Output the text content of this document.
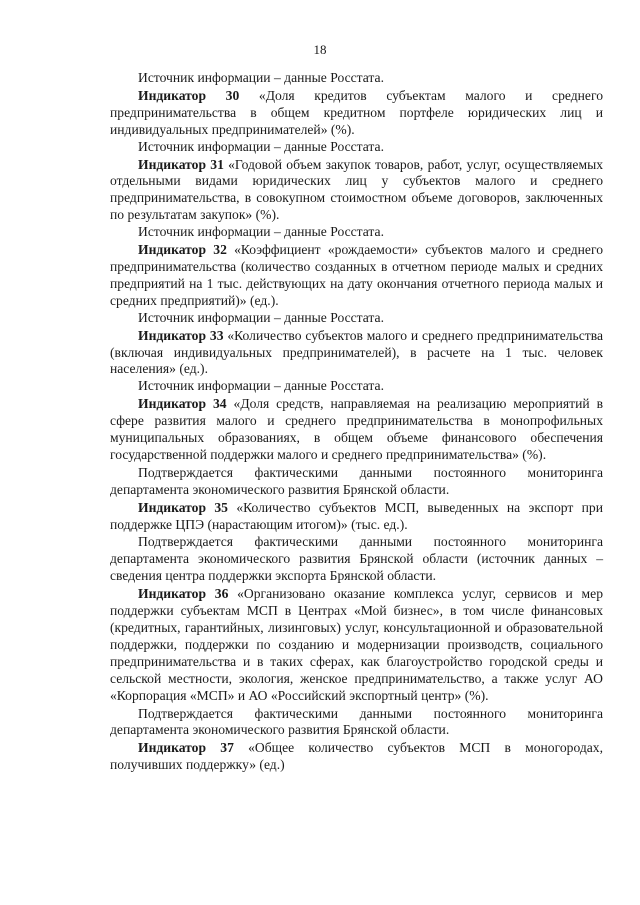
18

Источник информации – данные Росстата.

Индикатор 30 «Доля кредитов субъектам малого и среднего предпринимательства в общем кредитном портфеле юридических лиц и индивидуальных предпринимателей» (%).

Источник информации – данные Росстата.

Индикатор 31 «Годовой объем закупок товаров, работ, услуг, осуществляемых отдельными видами юридических лиц у субъектов малого и среднего предпринимательства, в совокупном стоимостном объеме договоров, заключенных по результатам закупок» (%).

Источник информации – данные Росстата.

Индикатор 32 «Коэффициент «рождаемости» субъектов малого и среднего предпринимательства (количество созданных в отчетном периоде малых и средних предприятий на 1 тыс. действующих на дату окончания отчетного периода малых и средних предприятий)» (ед.).

Источник информации – данные Росстата.

Индикатор 33 «Количество субъектов малого и среднего предпринимательства (включая индивидуальных предпринимателей), в расчете на 1 тыс. человек населения» (ед.).

Источник информации – данные Росстата.

Индикатор 34 «Доля средств, направляемая на реализацию мероприятий в сфере развития малого и среднего предпринимательства в монопрофильных муниципальных образованиях, в общем объеме финансового обеспечения государственной поддержки малого и среднего предпринимательства» (%).

Подтверждается фактическими данными постоянного мониторинга департамента экономического развития Брянской области.

Индикатор 35 «Количество субъектов МСП, выведенных на экспорт при поддержке ЦПЭ (нарастающим итогом)» (тыс. ед.).

Подтверждается фактическими данными постоянного мониторинга департамента экономического развития Брянской области (источник данных – сведения центра поддержки экспорта Брянской области.

Индикатор 36 «Организовано оказание комплекса услуг, сервисов и мер поддержки субъектам МСП в Центрах «Мой бизнес», в том числе финансовых (кредитных, гарантийных, лизинговых) услуг, консультационной и образовательной поддержки, поддержки по созданию и модернизации производств, социального предпринимательства и в таких сферах, как благоустройство городской среды и сельской местности, экология, женское предпринимательство, а также услуг АО «Корпорация «МСП» и АО «Российский экспортный центр» (%).

Подтверждается фактическими данными постоянного мониторинга департамента экономического развития Брянской области.

Индикатор 37 «Общее количество субъектов МСП в моногородах, получивших поддержку» (ед.)
